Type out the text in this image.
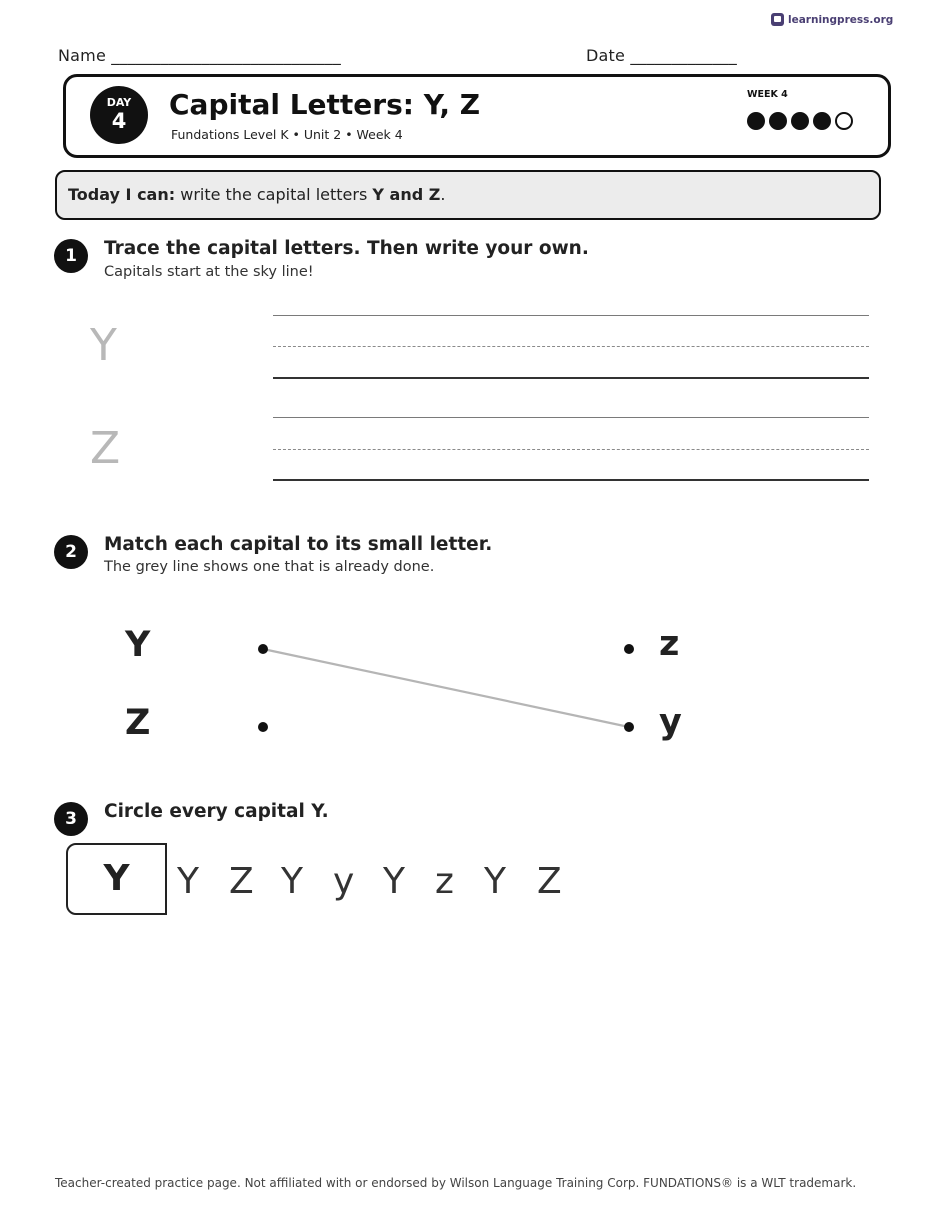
learningpress.org
Name ____________________________	Date _____________
DAY
4	Capital Letters: Y, Z
Fundations Level K • Unit 2 • Week 4
WEEK 4
Today I can: write the capital letters Y and Z.
1	Trace the capital letters. Then write your own.
Capitals start at the sky line!
Y
Z
2	Match each capital to its small letter.
The grey line shows one that is already done.
Y
Z
z
y
3	Circle every capital Y.
Y	Y Z Y y Y z Y Z
Teacher-created practice page. Not affiliated with or endorsed by Wilson Language Training Corp. FUNDATIONS® is a WLT trademark.
